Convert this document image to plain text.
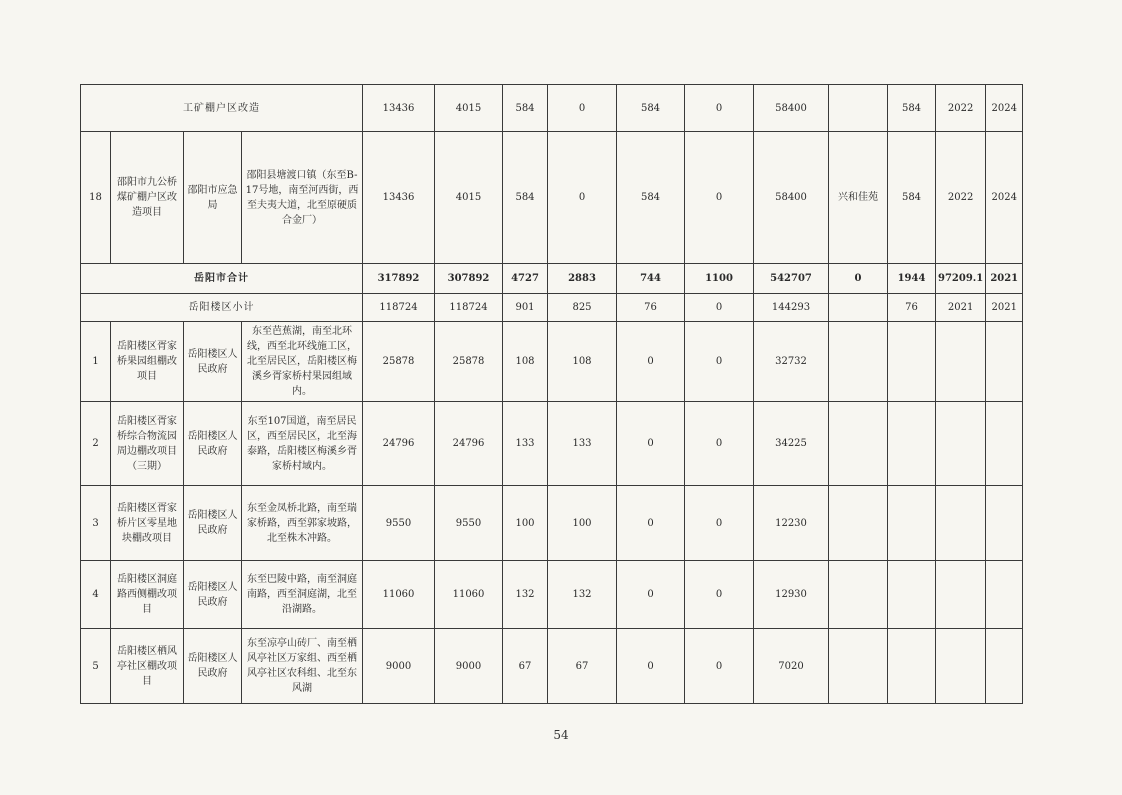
工矿棚户区改造				13436	4015	584	0	584	0	58400		584	2022	2024
18	邵阳市九公桥煤矿棚户区改造项目	邵阳市应急局	邵阳县塘渡口镇（东至B-17号地，南至河西街，西至夫夷大道，北至原硬质合金厂）	13436	4015	584	0	584	0	58400	兴和佳苑	584	2022	2024
岳阳市合计				317892	307892	4727	2883	744	1100	542707	0	1944	97209.1	2021
岳阳楼区小计				118724	118724	901	825	76	0	144293		76	2021	2021
1	岳阳楼区胥家桥果园组棚改项目	岳阳楼区人民政府	东至芭蕉湖，南至北环线，西至北环线施工区，北至居民区，岳阳楼区梅溪乡胥家桥村果园组域内。	25878	25878	108	108	0	0	32732				
2	岳阳楼区胥家桥综合物流园周边棚改项目（三期）	岳阳楼区人民政府	东至107国道，南至居民区，西至居民区，北至海泰路，岳阳楼区梅溪乡胥家桥村域内。	24796	24796	133	133	0	0	34225				
3	岳阳楼区胥家桥片区零星地块棚改项目	岳阳楼区人民政府	东至金凤桥北路，南至瑞家桥路，西至郭家坡路，北至株木冲路。	9550	9550	100	100	0	0	12230				
4	岳阳楼区洞庭路西侧棚改项目	岳阳楼区人民政府	东至巴陵中路，南至洞庭南路，西至洞庭湖，北至沿湖路。	11060	11060	132	132	0	0	12930				
5	岳阳楼区栖风亭社区棚改项目	岳阳楼区人民政府	东至凉亭山砖厂、南至栖风亭社区万家组、西至栖风亭社区农科组、北至东风湖	9000	9000	67	67	0	0	7020				
54
